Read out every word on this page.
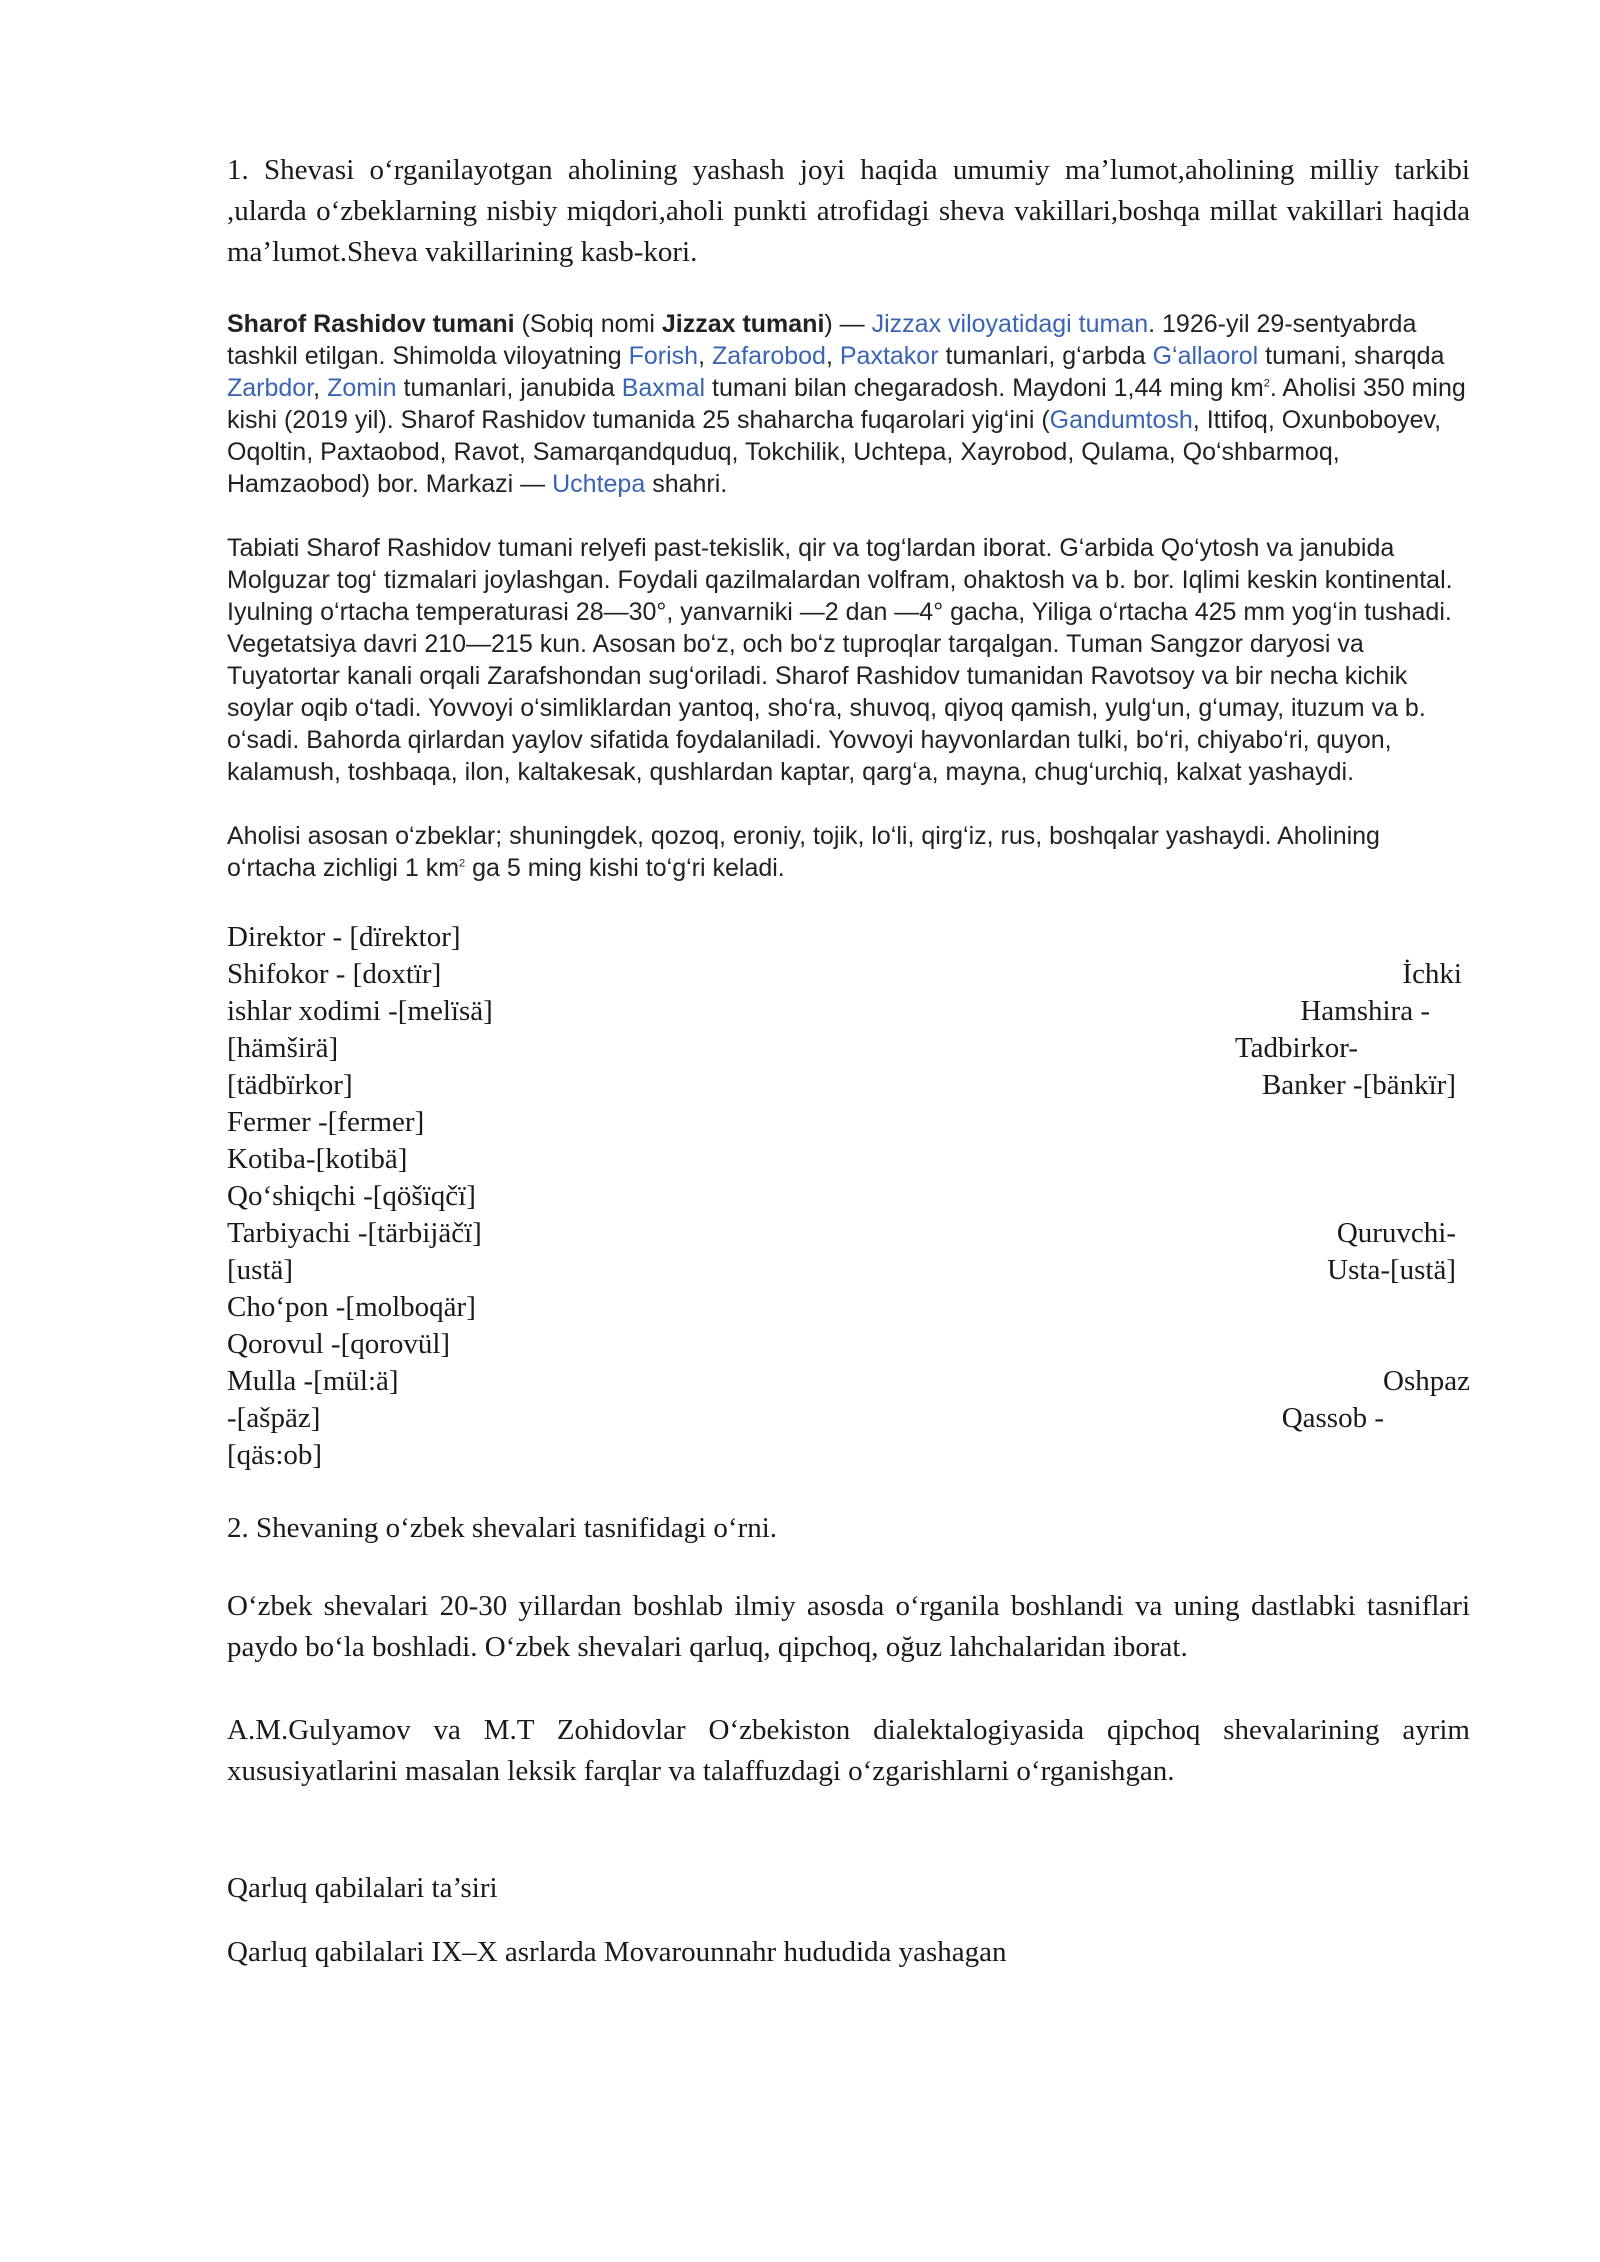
1. Shevasi o‘rganilayotgan aholining yashash joyi haqida umumiy ma’lumot,aholining milliy tarkibi ,ularda o‘zbeklarning nisbiy miqdori,aholi punkti atrofidagi sheva vakillari,boshqa millat vakillari haqida ma’lumot.Sheva vakillarining kasb-kori.

Sharof Rashidov tumani (Sobiq nomi Jizzax tumani) — Jizzax viloyatidagi tuman. 1926-yil 29-sentyabrda tashkil etilgan. Shimolda viloyatning Forish, Zafarobod, Paxtakor tumanlari, g‘arbda G‘allaorol tumani, sharqda Zarbdor, Zomin tumanlari, janubida Baxmal tumani bilan chegaradosh. Maydoni 1,44 ming $km^2$. Aholisi 350 ming kishi (2019 yil). Sharof Rashidov tumanida 25 shaharcha fuqarolari yig‘ini (Gandumtosh, Ittifoq, Oxunboboyev, Oqoltin, Paxtaobod, Ravot, Samarqandquduq, Tokchilik, Uchtepa, Xayrobod, Qulama, Qo‘shbarmoq, Hamzaobod) bor. Markazi — Uchtepa shahri.

Tabiati Sharof Rashidov tumani relyefi past-tekislik, qir va tog‘lardan iborat. G‘arbida Qo‘ytosh va janubida Molguzar tog‘ tizmalari joylashgan. Foydali qazilmalardan volfram, ohaktosh va b. bor. Iqlimi keskin kontinental. Iyulning o‘rtacha temperaturasi 28—30°, yanvarniki —2 dan —4° gacha, Yiliga o‘rtacha 425 mm yog‘in tushadi. Vegetatsiya davri 210—215 kun. Asosan bo‘z, och bo‘z tuproqlar tarqalgan. Tuman Sangzor daryosi va Tuyatortar kanali orqali Zarafshondan sug‘oriladi. Sharof Rashidov tumanidan Ravotsoy va bir necha kichik soylar oqib o‘tadi. Yovvoyi o‘simliklardan yantoq, sho‘ra, shuvoq, qiyoq qamish, yulg‘un, g‘umay, ituzum va b. o‘sadi. Bahorda qirlardan yaylov sifatida foydalaniladi. Yovvoyi hayvonlardan tulki, bo‘ri, chiyabo‘ri, quyon, kalamush, toshbaqa, ilon, kaltakesak, qushlardan kaptar, qarg‘a, mayna, chug‘urchiq, kalxat yashaydi.

Aholisi asosan o‘zbeklar; shuningdek, qozoq, eroniy, tojik, lo‘li, qirg‘iz, rus, boshqalar yashaydi. Aholining o‘rtacha zichligi 1 $km^2$ ga 5 ming kishi to‘g‘ri keladi.

Direktor - [dïrektor]
Shifokor - [doxtïr]	İchki
ishlar xodimi -[melïsä]	Hamshira -
[hämširä]	Tadbirkor-
[tädbïrkor]	Banker -[bänkïr]
Fermer -[fermer]
Kotiba-[kotibä]
Qo‘shiqchi -[qöšïqčï]
Tarbiyachi -[tärbijäčï]	Quruvchi-
[ustä]	Usta-[ustä]
Cho‘pon -[molboqär]
Qorovul -[qorovül]
Mulla -[mül:ä]	Oshpaz
-[ašpäz]	Qassob -
[qäs:ob]

2. Shevaning o‘zbek shevalari tasnifidagi o‘rni.

O‘zbek shevalari 20-30 yillardan boshlab ilmiy asosda o‘rganila boshlandi va uning dastlabki tasniflari paydo bo‘la boshladi. O‘zbek shevalari qarluq, qipchoq, oğuz lahchalaridan iborat.

A.M.Gulyamov va M.T Zohidovlar O‘zbekiston dialektalogiyasida qipchoq shevalarining ayrim xususiyatlarini masalan leksik farqlar va talaffuzdagi o‘zgarishlarni o‘rganishgan.

Qarluq qabilalari ta’siri

Qarluq qabilalari IX–X asrlarda Movarounnahr hududida yashagan
